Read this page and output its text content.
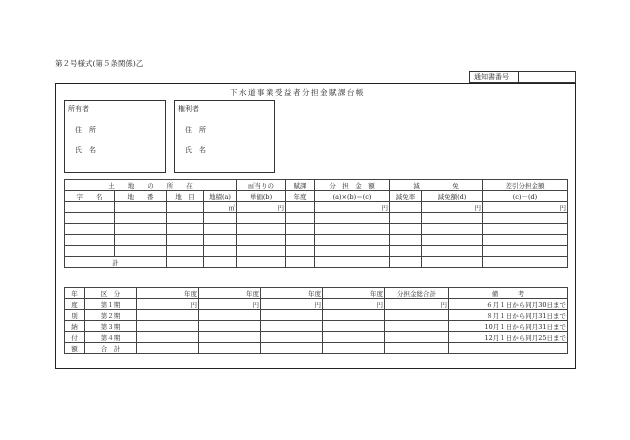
第２号様式(第５条関係)乙
通知書番号
下水道事業受益者分担金賦課台帳
所有者
住　所
氏　名
権利者
住　所
氏　名
土　　地　　の　　所　　在				㎡当りの	賦課	分　担　金　額	減　　　　　免		差引分担金額
字　　名	地　　番	地　目	地積(a)	単価(b)	年度	(a)×(b)＝(c)	減免率	減免額(d)	(c)－(d)
			㎡	円		円		円	円

計									
年	区　分	年度	年度	年度	年度	分担金総合計	備　　　考
度	第１期	円	円	円	円	円	６月１日から同月30日まで
別	第２期						８月１日から同月31日まで
納	第３期						10月１日から同月31日まで
付	第４期						12月１日から同月25日まで
額	合　計						
